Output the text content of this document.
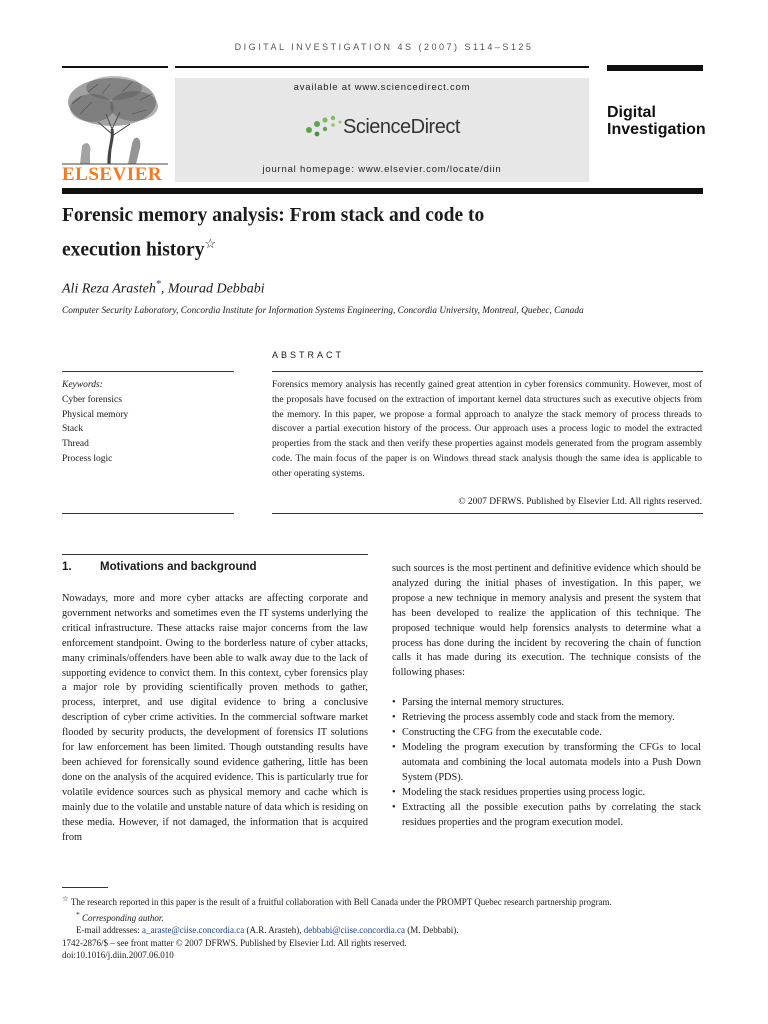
DIGITAL INVESTIGATION 4S (2007) S114–S125
ELSEVIER
available at www.sciencedirect.com
ScienceDirect
journal homepage: www.elsevier.com/locate/diin
Digital
Investigation
Forensic memory analysis: From stack and code to
execution history☆
Ali Reza Arasteh*, Mourad Debbabi
Computer Security Laboratory, Concordia Institute for Information Systems Engineering, Concordia University, Montreal, Quebec, Canada
ABSTRACT
Keywords:
Cyber forensics
Physical memory
Stack
Thread
Process logic
Forensics memory analysis has recently gained great attention in cyber forensics community. However, most of the proposals have focused on the extraction of important kernel data structures such as executive objects from the memory. In this paper, we propose a formal approach to analyze the stack memory of process threads to discover a partial execution history of the process. Our approach uses a process logic to model the extracted properties from the stack and then verify these properties against models generated from the program assembly code. The main focus of the paper is on Windows thread stack analysis though the same idea is applicable to other operating systems.
© 2007 DFRWS. Published by Elsevier Ltd. All rights reserved.
1. Motivations and background
Nowadays, more and more cyber attacks are affecting corporate and government networks and sometimes even the IT systems underlying the critical infrastructure. These attacks raise major concerns from the law enforcement standpoint. Owing to the borderless nature of cyber attacks, many criminals/offenders have been able to walk away due to the lack of supporting evidence to convict them. In this context, cyber forensics play a major role by providing scientifically proven methods to gather, process, interpret, and use digital evidence to bring a conclusive description of cyber crime activities. In the commercial software market flooded by security products, the development of forensics IT solutions for law enforcement has been limited. Though outstanding results have been achieved for forensically sound evidence gathering, little has been done on the analysis of the acquired evidence. This is particularly true for volatile evidence sources such as physical memory and cache which is mainly due to the volatile and unstable nature of data which is residing on these media. However, if not damaged, the information that is acquired from
such sources is the most pertinent and definitive evidence which should be analyzed during the initial phases of investigation. In this paper, we propose a new technique in memory analysis and present the system that has been developed to realize the application of this technique. The proposed technique would help forensics analysts to determine what a process has done during the incident by recovering the chain of function calls it has made during its execution. The technique consists of the following phases:
• Parsing the internal memory structures.
• Retrieving the process assembly code and stack from the memory.
• Constructing the CFG from the executable code.
• Modeling the program execution by transforming the CFGs to local automata and combining the local automata models into a Push Down System (PDS).
• Modeling the stack residues properties using process logic.
• Extracting all the possible execution paths by correlating the stack residues properties and the program execution model.
☆ The research reported in this paper is the result of a fruitful collaboration with Bell Canada under the PROMPT Quebec research partnership program.
* Corresponding author.
E-mail addresses: a_araste@ciise.concordia.ca (A.R. Arasteh), debbabi@ciise.concordia.ca (M. Debbabi).
1742-2876/$ – see front matter © 2007 DFRWS. Published by Elsevier Ltd. All rights reserved.
doi:10.1016/j.diin.2007.06.010
